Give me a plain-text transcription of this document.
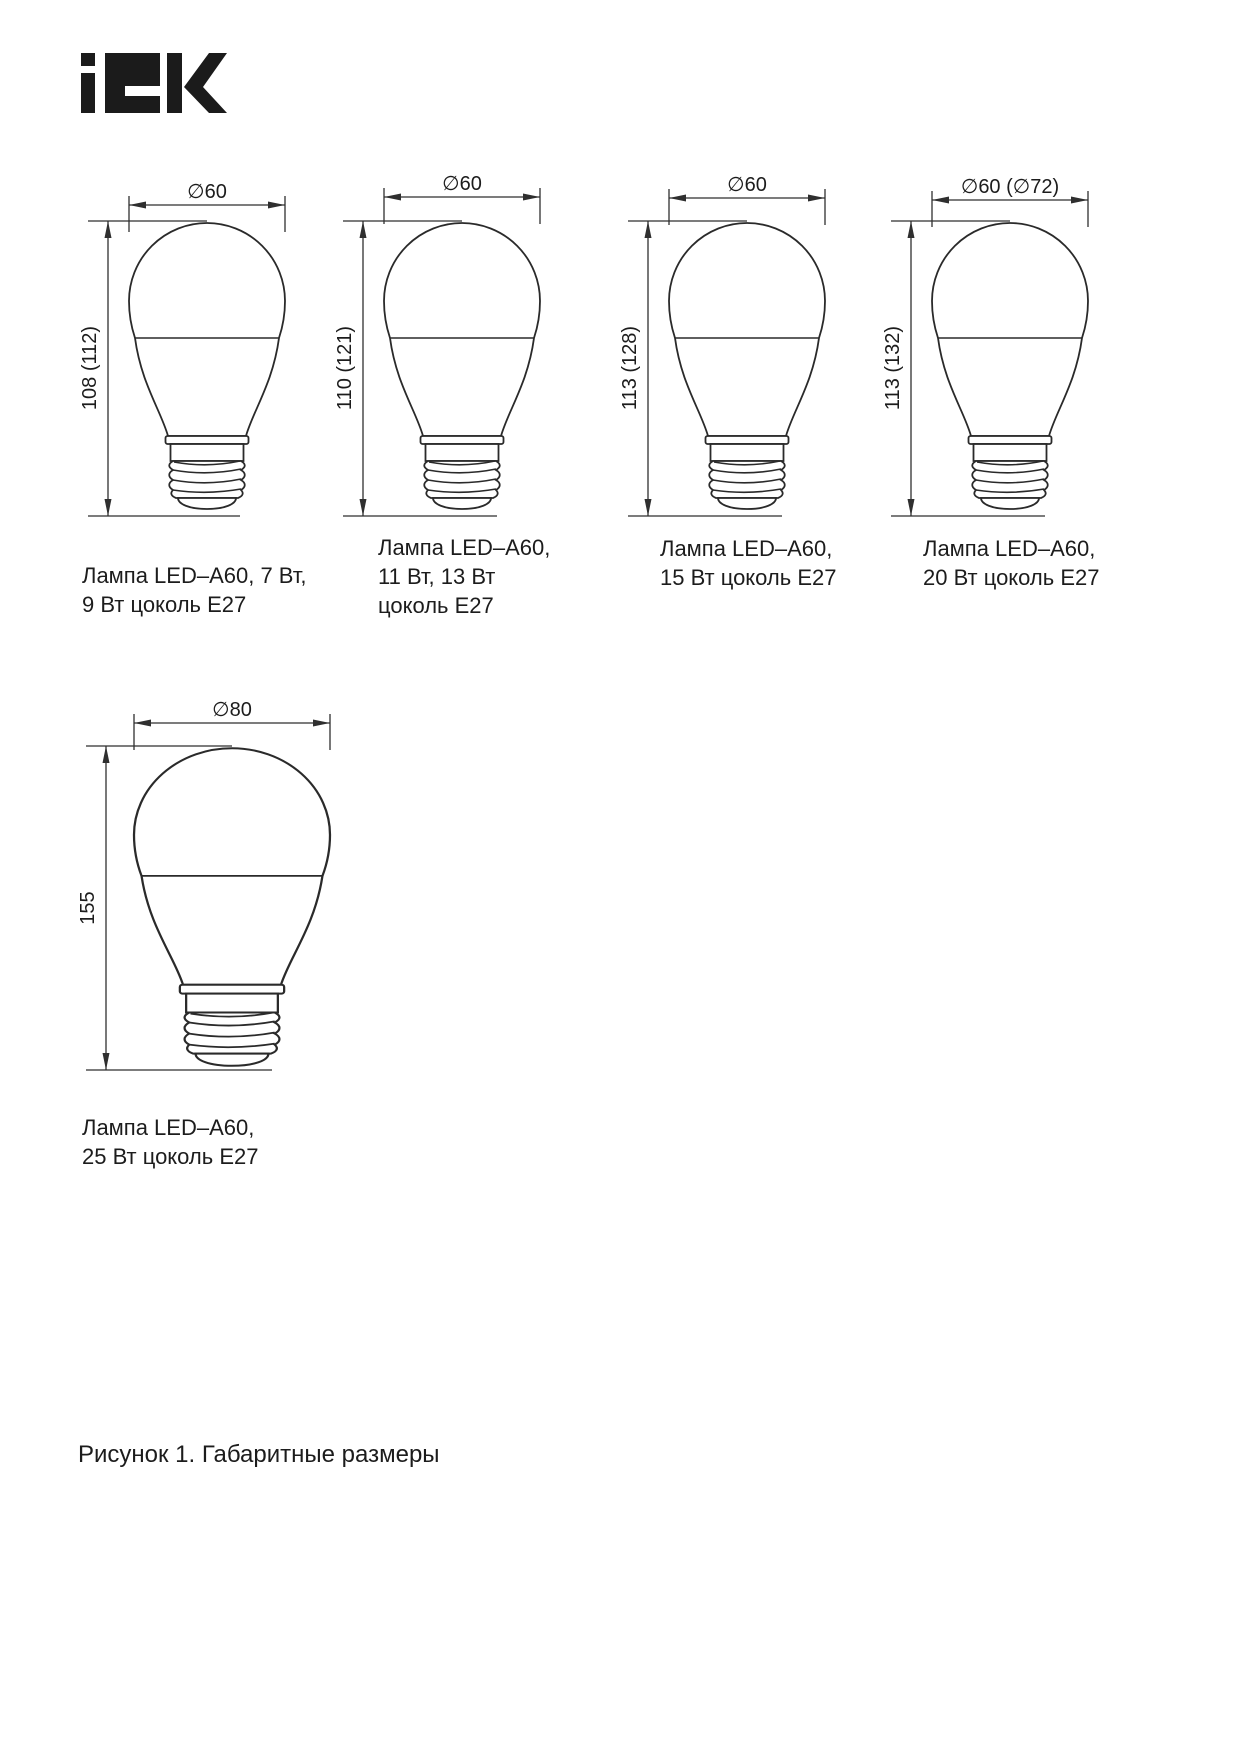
∅60
108 (112)
∅60
110 (121)
∅60
113 (128)
∅60 (∅72)
113 (132)
∅80
155
Лампа LED–A60, 7 Вт,
9 Вт цоколь E27
Лампа LED–A60,
11 Вт, 13 Вт
цоколь E27
Лампа LED–A60,
15 Вт цоколь E27
Лампа LED–A60,
20 Вт цоколь E27
Лампа LED–A60,
25 Вт цоколь E27
Рисунок 1. Габаритные размеры
